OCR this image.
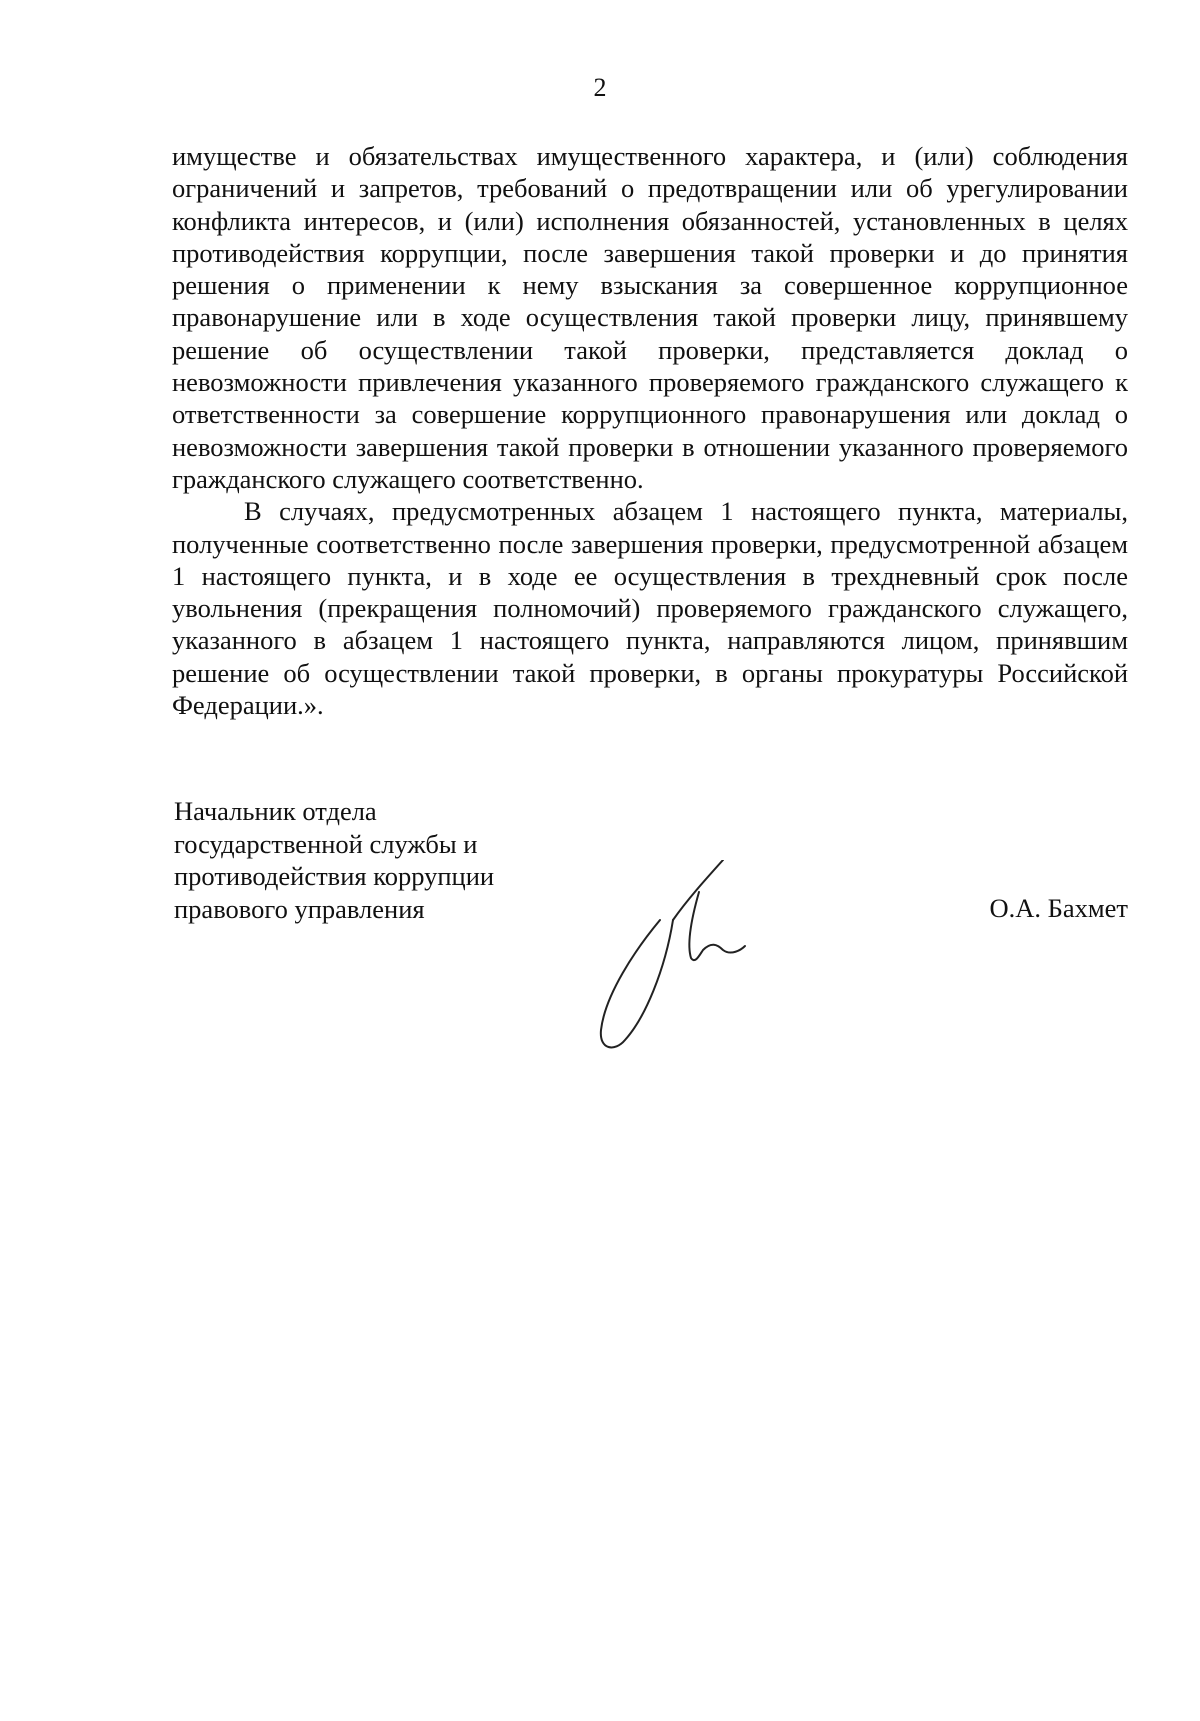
2

имуществе и обязательствах имущественного характера, и (или) соблюдения ограничений и запретов, требований о предотвращении или об урегулировании конфликта интересов, и (или) исполнения обязанностей, установленных в целях противодействия коррупции, после завершения такой проверки и до принятия решения о применении к нему взыскания за совершенное коррупционное правонарушение или в ходе осуществления такой проверки лицу, принявшему решение об осуществлении такой проверки, представляется доклад о невозможности привлечения указанного проверяемого гражданского служащего к ответственности за совершение коррупционного правонарушения или доклад о невозможности завершения такой проверки в отношении указанного проверяемого гражданского служащего соответственно.

В случаях, предусмотренных абзацем 1 настоящего пункта, материалы, полученные соответственно после завершения проверки, предусмотренной абзацем 1 настоящего пункта, и в ходе ее осуществления в трехдневный срок после увольнения (прекращения полномочий) проверяемого гражданского служащего, указанного в абзацем 1 настоящего пункта, направляются лицом, принявшим решение об осуществлении такой проверки, в органы прокуратуры Российской Федерации.».

Начальник отдела
государственной службы и
противодействия коррупции
правового управления	О.А. Бахмет
